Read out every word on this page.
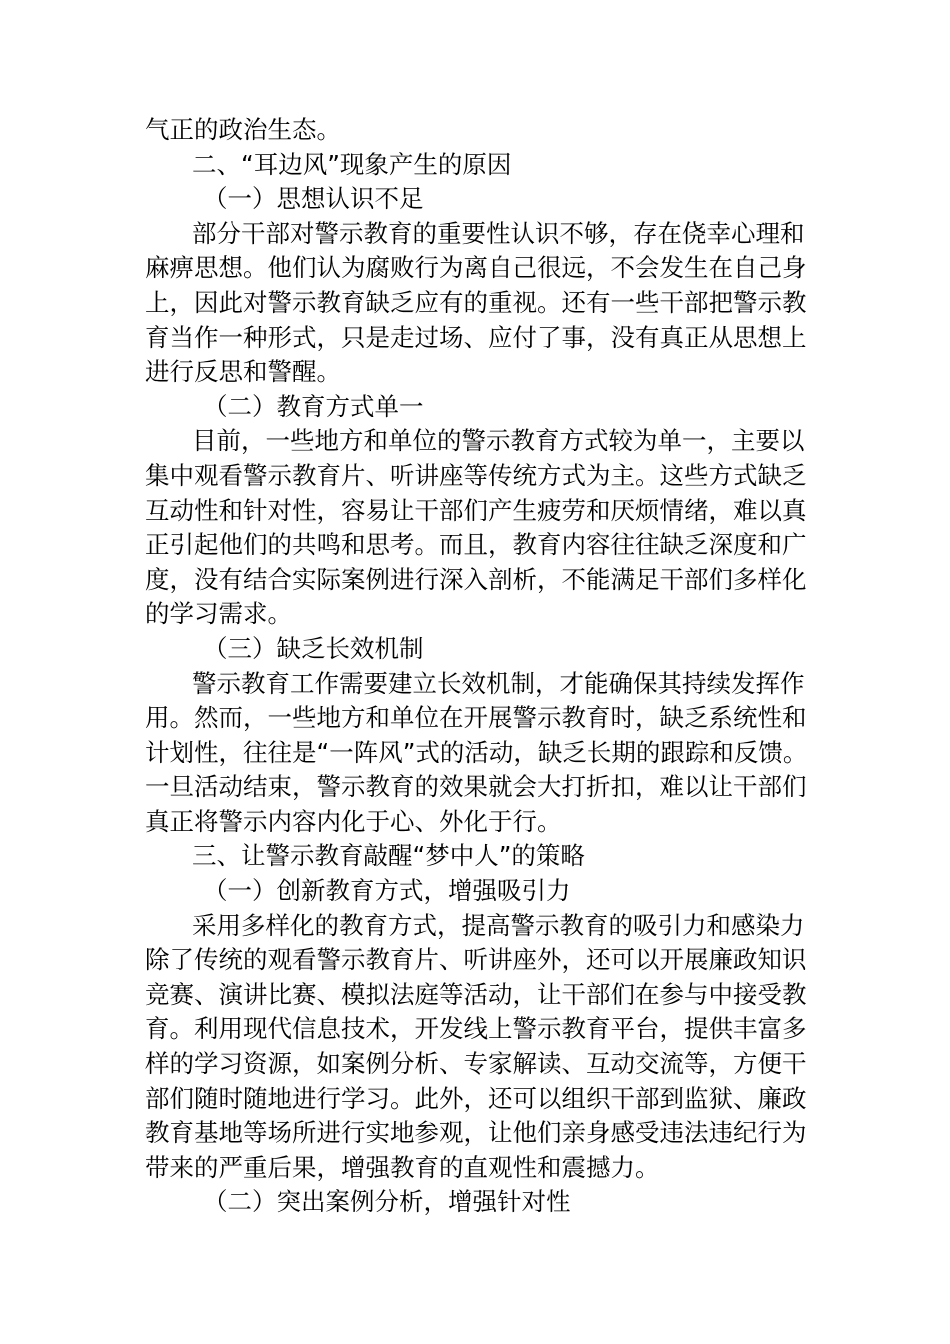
气正的政治生态。
二、“耳边风”现象产生的原因
（一）思想认识不足
部分干部对警示教育的重要性认识不够，存在侥幸心理和
麻痹思想。他们认为腐败行为离自己很远，不会发生在自己身
上，因此对警示教育缺乏应有的重视。还有一些干部把警示教
育当作一种形式，只是走过场、应付了事，没有真正从思想上
进行反思和警醒。
（二）教育方式单一
目前，一些地方和单位的警示教育方式较为单一，主要以
集中观看警示教育片、听讲座等传统方式为主。这些方式缺乏
互动性和针对性，容易让干部们产生疲劳和厌烦情绪，难以真
正引起他们的共鸣和思考。而且，教育内容往往缺乏深度和广
度，没有结合实际案例进行深入剖析，不能满足干部们多样化
的学习需求。
（三）缺乏长效机制
警示教育工作需要建立长效机制，才能确保其持续发挥作
用。然而，一些地方和单位在开展警示教育时，缺乏系统性和
计划性，往往是“一阵风”式的活动，缺乏长期的跟踪和反馈。
一旦活动结束，警示教育的效果就会大打折扣，难以让干部们
真正将警示内容内化于心、外化于行。
三、让警示教育敲醒“梦中人”的策略
（一）创新教育方式，增强吸引力
采用多样化的教育方式，提高警示教育的吸引力和感染力
除了传统的观看警示教育片、听讲座外，还可以开展廉政知识
竞赛、演讲比赛、模拟法庭等活动，让干部们在参与中接受教
育。利用现代信息技术，开发线上警示教育平台，提供丰富多
样的学习资源，如案例分析、专家解读、互动交流等，方便干
部们随时随地进行学习。此外，还可以组织干部到监狱、廉政
教育基地等场所进行实地参观，让他们亲身感受违法违纪行为
带来的严重后果，增强教育的直观性和震撼力。
（二）突出案例分析，增强针对性
